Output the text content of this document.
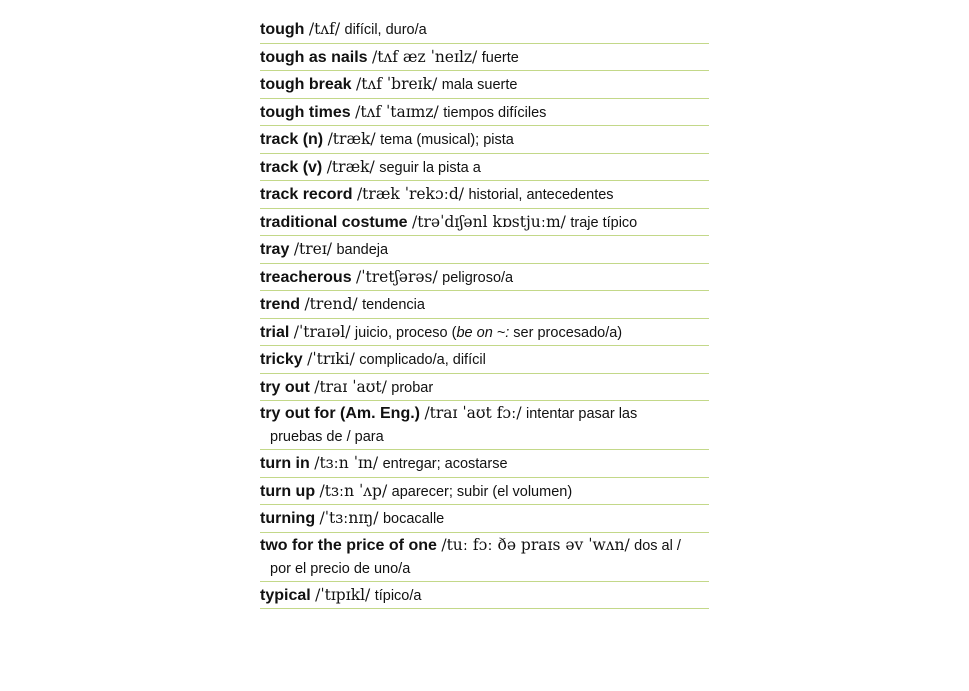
tough /tʌf/ difícil, duro/a
tough as nails /tʌf æz ˈneɪlz/ fuerte
tough break /tʌf ˈbreɪk/ mala suerte
tough times /tʌf ˈtaɪmz/ tiempos difíciles
track (n) /træk/ tema (musical); pista
track (v) /træk/ seguir la pista a
track record /træk ˈrekɔːd/ historial, antecedentes
traditional costume /trəˈdɪʃənl kɒstjuːm/ traje típico
tray /treɪ/ bandeja
treacherous /ˈtretʃərəs/ peligroso/a
trend /trend/ tendencia
trial /ˈtraɪəl/ juicio, proceso (be on ~: ser procesado/a)
tricky /ˈtrɪki/ complicado/a, difícil
try out /traɪ ˈaʊt/ probar
try out for (Am. Eng.) /traɪ ˈaʊt fɔː/ intentar pasar las
pruebas de / para
turn in /tɜːn ˈɪn/ entregar; acostarse
turn up /tɜːn ˈʌp/ aparecer; subir (el volumen)
turning /ˈtɜːnɪŋ/ bocacalle
two for the price of one /tuː fɔː ðə praɪs əv ˈwʌn/ dos al /
por el precio de uno/a
typical /ˈtɪpɪkl/ típico/a
